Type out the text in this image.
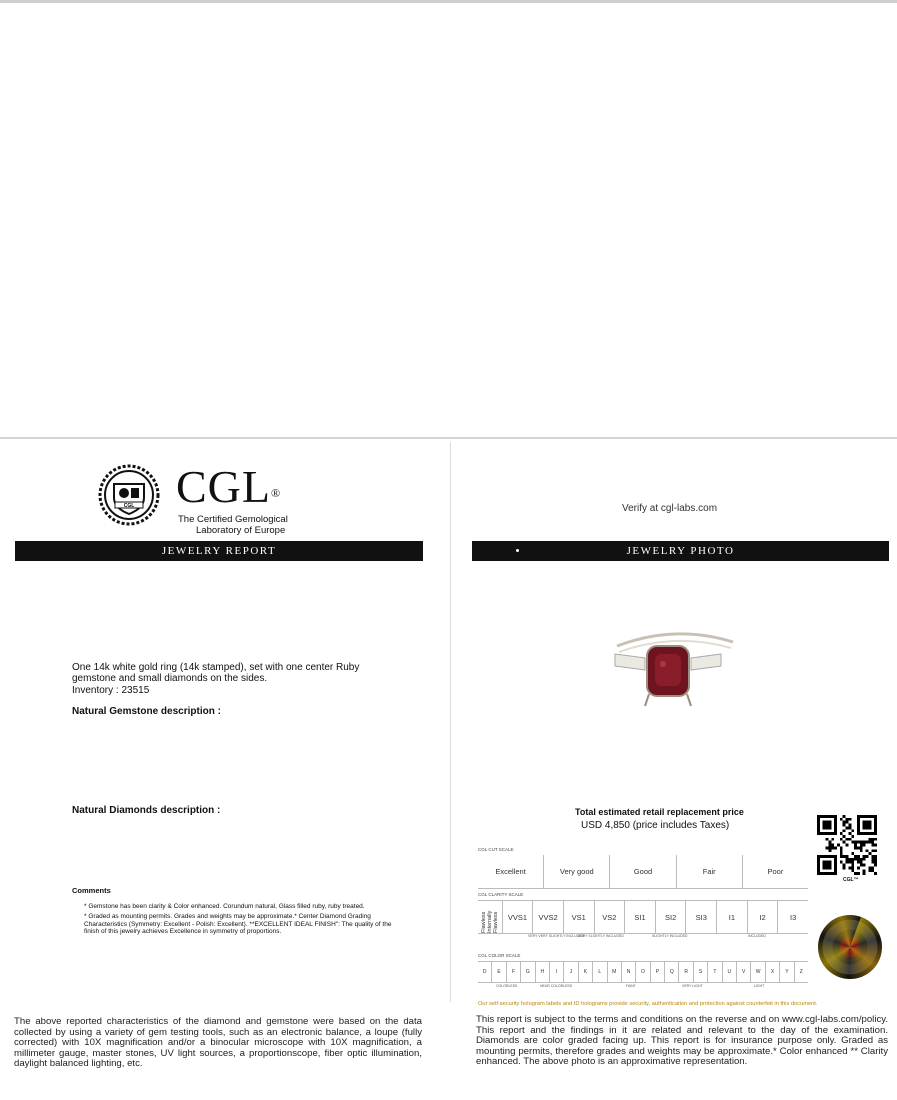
CGL CGL®
The Certified Gemological
Laboratory of Europe
JEWELRY REPORT
One 14k white gold ring (14k stamped), set with one center Ruby gemstone and small diamonds on the sides.
Inventory : 23515
Natural Gemstone description :
Natural Diamonds description :
Comments

* Gemstone has been clarity & Color enhanced. Corundum natural, Glass filled ruby, ruby treated.

* Graded as mounting permits. Grades and weights may be approximate.* Center Diamond Grading Characteristics (Symmetry: Excellent - Polish: Excellent). **EXCELLENT IDEAL FINISH": The quality of the finish of this jewelry achieves Excellence in symmetry of proportions.

The above reported characteristics of the diamond and gemstone were based on the data collected by using a variety of gem testing tools, such as an electronic balance, a loupe (fully corrected) with 10X magnification and/or a binocular microscope with 10X magnification, a millimeter gauge, master stones, UV light sources, a proportionscope, fiber optic illumination, daylight balanced lighting, etc.
Verify at cgl-labs.com
JEWELRY PHOTO
Total estimated retail replacement price
USD 4,850 (price includes Taxes)
CGL™
CGL CUT SCALE
Excellent	Very good	Good	Fair	Poor
CGL CLARITY SCALE
Flawless Internally Flawless	VVS1	VVS2	VS1	VS2	SI1	SI2	SI3	I1	I2	I3
VERY VERY SLIGHTLY INCLUDED
VERY SLIGHTLY INCLUDED	SLIGHTLY INCLUDED	INCLUDED
CGL COLOR SCALE
D	E	F	G	H	I	J	K	L	M	N	O	P	Q	R	S	T	U	V	W	X	Y	Z
COLORLESS	NEAR COLORLESS	FAINT	VERY LIGHT	LIGHT
Our self-security hologram labels and ID holograms provide security, authentication and protection against counterfeit in this document.
This report is subject to the terms and conditions on the reverse and on www.cgl-labs.com/policy. This report and the findings in it are related and relevant to the day of the examination. Diamonds are color graded facing up. This report is for insurance purpose only. Graded as mounting permits, therefore grades and weights may be approximate.* Color enhanced ** Clarity enhanced. The above photo is an approximative representation.
